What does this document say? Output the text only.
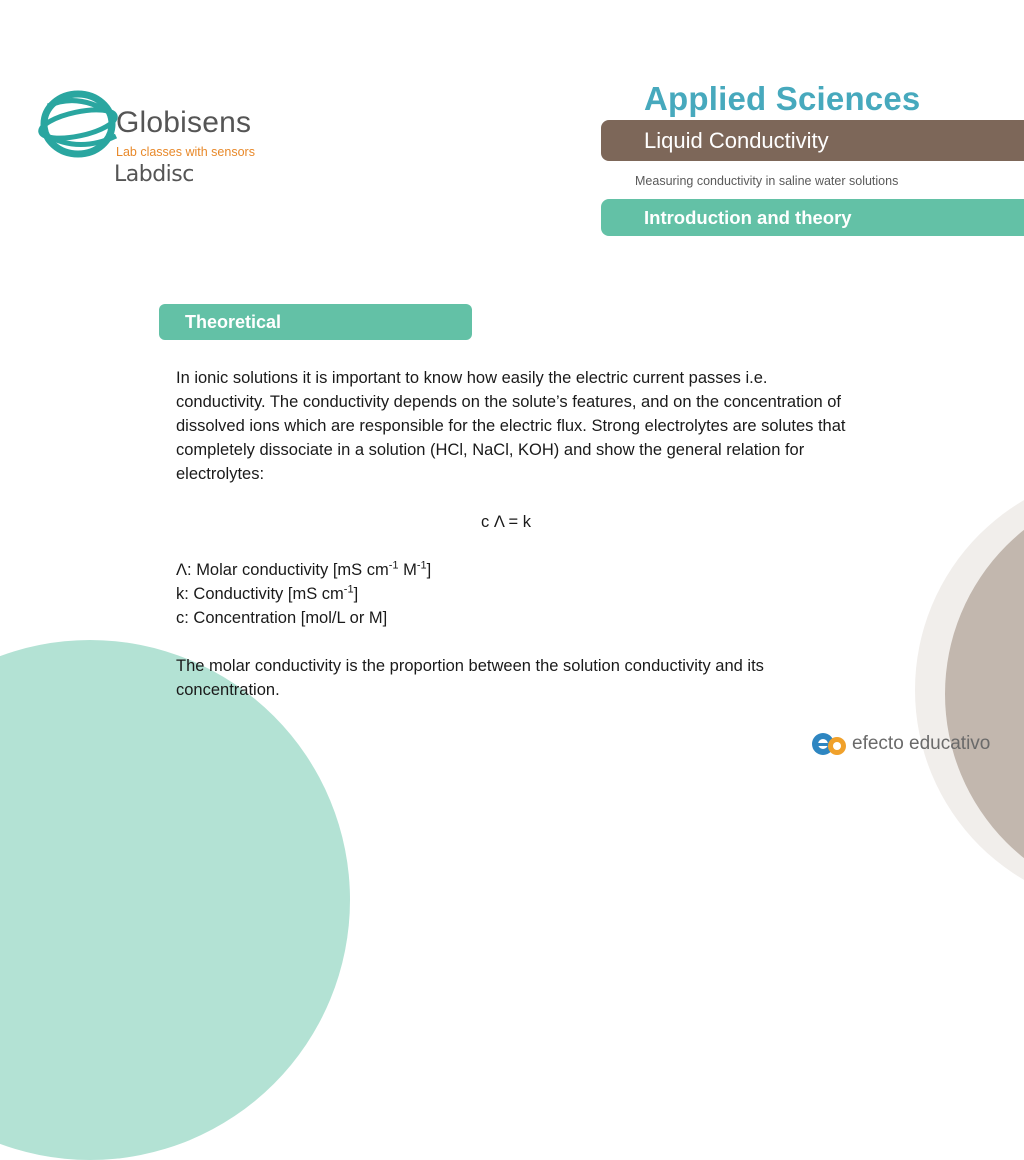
Globisens
Lab classes with sensors
Labdisc
Applied Sciences
Liquid Conductivity
Measuring conductivity in saline water solutions
Introduction and theory
Theoretical

In ionic solutions it is important to know how easily the electric current passes i.e. conductivity. The conductivity depends on the solute’s features, and on the concentration of dissolved ions which are responsible for the electric flux. Strong electrolytes are solutes that completely dissociate in a solution (HCl, NaCl, KOH) and show the general relation for electrolytes:

c Λ = k

Λ: Molar conductivity [mS $cm^{-1}$ $M^{-1}$]
k: Conductivity [mS $cm^{-1}$]
c: Concentration [mol/L or M]

The molar conductivity is the proportion between the solution conductivity and its concentration.

efecto educativo
